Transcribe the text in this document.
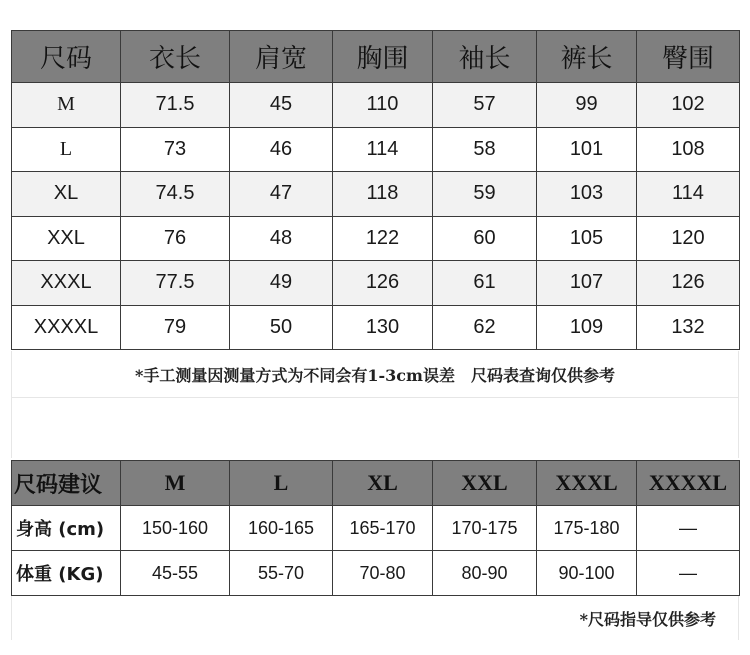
尺码	衣长	肩宽	胸围	袖长	裤长	臀围
M	71.5	45	110	57	99	102
L	73	46	114	58	101	108
XL	74.5	47	118	59	103	114
XXL	76	48	122	60	105	120
XXXL	77.5	49	126	61	107	126
XXXXL	79	50	130	62	109	132
*手工测量因测量方式为不同会有1-3cm误差　尺码表查询仅供参考
尺码建议	M	L	XL	XXL	XXXL	XXXXL
身高 (cm)	150-160	160-165	165-170	170-175	175-180	—
体重 (KG)	45-55	55-70	70-80	80-90	90-100	—
*尺码指导仅供参考
